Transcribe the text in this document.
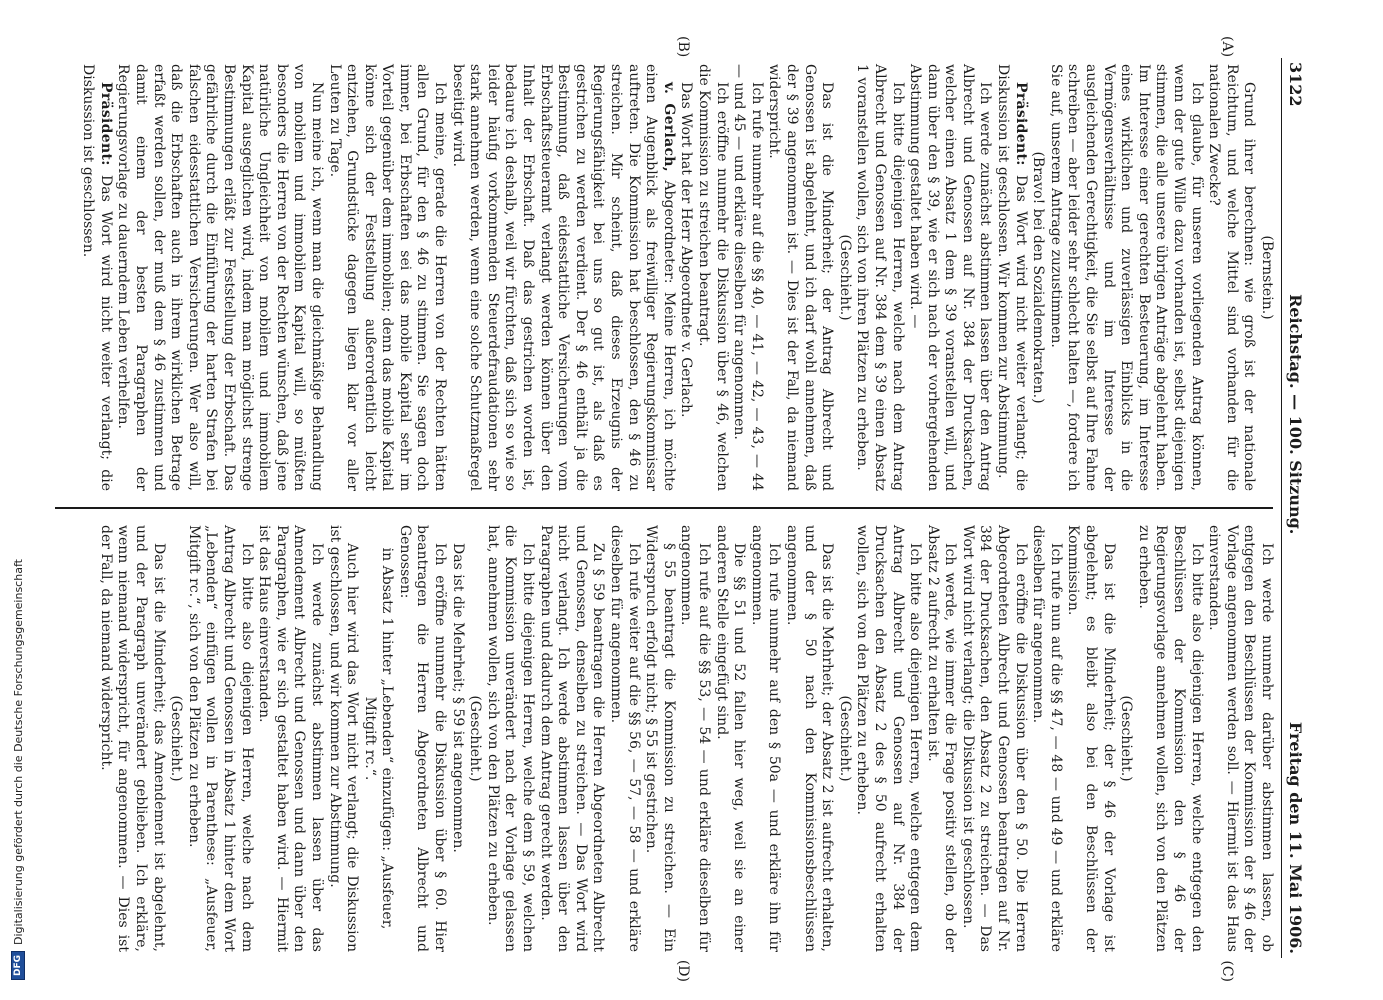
DFG
Digitalisierung gefördert durch die Deutsche Forschungsgemeinschaft
3122
Reichstag. — 100. Sitzung.
Freitag den 11. Mai 1906.
(A)
(B)

(Bernstein.)

Grund ihrer berechnen: wie groß ist der nationale Reichtum, und welche Mittel sind vorhanden für die nationalen Zwecke?

Ich glaube, für unseren vorliegenden Antrag können, wenn der gute Wille dazu vorhanden ist, selbst diejenigen stimmen, die alle unsere übrigen Anträge abgelehnt haben. Im Interesse einer gerechten Besteuerung, im Interesse eines wirklichen und zuverlässigen Einblicks in die Vermögensverhältnisse und im Interesse der ausgleichenden Gerechtigkeit, die Sie selbst auf Ihre Fahne schreiben — aber leider sehr schlecht halten —, fordere ich Sie auf, unserem Antrage zuzustimmen.

(Bravo! bei den Sozialdemokraten.)

Präsident: Das Wort wird nicht weiter verlangt; die Diskussion ist geschlossen. Wir kommen zur Abstimmung.

Ich werde zunächst abstimmen lassen über den Antrag Albrecht und Genossen auf Nr. 384 der Drucksachen, welcher einen Absatz 1 dem § 39 voranstellen will, und dann über den § 39, wie er sich nach der vorhergehenden Abstimmung gestaltet haben wird. —

Ich bitte diejenigen Herren, welche nach dem Antrag Albrecht und Genossen auf Nr. 384 dem § 39 einen Absatz 1 voranstellen wollen, sich von ihren Plätzen zu erheben.

(Geschieht.)

Das ist die Minderheit; der Antrag Albrecht und Genossen ist abgelehnt, und ich darf wohl annehmen, daß der § 39 angenommen ist. — Dies ist der Fall, da niemand widerspricht.

Ich rufe nunmehr auf die §§ 40, — 41, — 42, — 43, — 44 — und 45 — und erkläre dieselben für angenommen.

Ich eröffne nunmehr die Diskussion über § 46, welchen die Kommission zu streichen beantragt.

Das Wort hat der Herr Abgeordnete v. Gerlach.

v. Gerlach, Abgeordneter: Meine Herren, ich möchte einen Augenblick als freiwilliger Regierungskommissar auftreten. Die Kommission hat beschlossen, den § 46 zu streichen. Mir scheint, daß dieses Erzeugnis der Regierungsfähigkeit bei uns so gut ist, als daß es gestrichen zu werden verdient. Der § 46 enthält ja die Bestimmung, daß eidesstattliche Versicherungen vom Erbschaftssteueramt verlangt werden können über den Inhalt der Erbschaft. Daß das gestrichen worden ist, bedaure ich deshalb, weil wir fürchten, daß sich so wie so leider häufig vorkommenden Steuerdefraudationen sehr stark annehmen werden, wenn eine solche Schutzmaßregel beseitigt wird.

Ich meine, gerade die Herren von der Rechten hätten allen Grund, für den § 46 zu stimmen. Sie sagen doch immer, bei Erbschaften sei das mobile Kapital sehr im Vorteil gegenüber dem immobilen; denn das mobile Kapital könne sich der Feststellung außerordentlich leicht entziehen, Grundstücke dagegen liegen klar vor aller Leuten zu Tage.

Nun meine ich, wenn man die gleichmäßige Behandlung von mobilem und immobilem Kapital will, so müßten besonders die Herren von der Rechten wünschen, daß jene natürliche Ungleichheit von mobilem und immobilem Kapital ausgeglichen wird, indem man möglichst strenge Bestimmungen erläßt zur Feststellung der Erbschaft. Das gefährliche durch die Einführung der harten Strafen bei falschen eidesstattlichen Versicherungen. Wer also will, daß die Erbschaften auch in ihrem wirklichen Betrage erfaßt werden sollen, der muß dem § 46 zustimmen und damit einem der besten Paragraphen der Regierungsvorlage zu dauerndem Leben verhelfen.

Präsident: Das Wort wird nicht weiter verlangt; die Diskussion ist geschlossen.

Ich werde nunmehr darüber abstimmen lassen, ob entgegen den Beschlüssen der Kommission der § 46 der Vorlage angenommen werden soll. — Hiermit ist das Haus einverstanden.

Ich bitte also diejenigen Herren, welche entgegen den Beschlüssen der Kommission den § 46 der Regierungsvorlage annehmen wollen, sich von den Plätzen zu erheben.

(Geschieht.)

Das ist die Minderheit; der § 46 der Vorlage ist abgelehnt; es bleibt also bei den Beschlüssen der Kommission.

Ich rufe nun auf die §§ 47, — 48 — und 49 — und erkläre dieselben für angenommen.

Ich eröffne die Diskussion über den § 50. Die Herren Abgeordneten Albrecht und Genossen beantragen auf Nr. 384 der Drucksachen, den Absatz 2 zu streichen. — Das Wort wird nicht verlangt; die Diskussion ist geschlossen.

Ich werde, wie immer die Frage positiv stellen, ob der Absatz 2 aufrecht zu erhalten ist.

Ich bitte also diejenigen Herren, welche entgegen dem Antrag Albrecht und Genossen auf Nr. 384 der Drucksachen den Absatz 2 des § 50 aufrecht erhalten wollen, sich von den Plätzen zu erheben.

(Geschieht.)

Das ist die Mehrheit; der Absatz 2 ist aufrecht erhalten, und der § 50 nach den Kommissionsbeschlüssen angenommen.

Ich rufe nunmehr auf den § 50a — und erkläre ihn für angenommen.

Die §§ 51 und 52 fallen hier weg, weil sie an einer anderen Stelle eingefügt sind.

Ich rufe auf die §§ 53, — 54 — und erkläre dieselben für angenommen.

§ 55 beantragt die Kommission zu streichen. — Ein Widerspruch erfolgt nicht; § 55 ist gestrichen.

Ich rufe weiter auf die §§ 56, — 57, — 58 — und erkläre dieselben für angenommen.

Zu § 59 beantragen die Herren Abgeordneten Albrecht und Genossen, denselben zu streichen. — Das Wort wird nicht verlangt. Ich werde abstimmen lassen über den Paragraphen und dadurch dem Antrag gerecht werden.

Ich bitte diejenigen Herren, welche dem § 59, welchen die Kommission unverändert nach der Vorlage gelassen hat, annehmen wollen, sich von den Plätzen zu erheben.

(Geschieht.)

Das ist die Mehrheit; § 59 ist angenommen.

Ich eröffne nunmehr die Diskussion über § 60. Hier beantragen die Herren Abgeordneten Albrecht und Genossen:

in Absatz 1 hinter „Lebenden“ einzufügen: „Ausfeuer, Mitgift rc.“.

Auch hier wird das Wort nicht verlangt; die Diskussion ist geschlossen, und wir kommen zur Abstimmung.

Ich werde zunächst abstimmen lassen über das Amendement Albrecht und Genossen und dann über den Paragraphen, wie er sich gestaltet haben wird. — Hiermit ist das Haus einverstanden.

Ich bitte also diejenigen Herren, welche nach dem Antrag Albrecht und Genossen in Absatz 1 hinter dem Wort „Lebenden“ einfügen wollen in Parenthese: „Ausfeuer, Mitgift rc.“, sich von den Plätzen zu erheben.

(Geschieht.)

Das ist die Minderheit; das Amendement ist abgelehnt, und der Paragraph unverändert geblieben. Ich erkläre, wenn niemand widerspricht, für angenommen. — Dies ist der Fall, da niemand widerspricht.

(C)
(D)
